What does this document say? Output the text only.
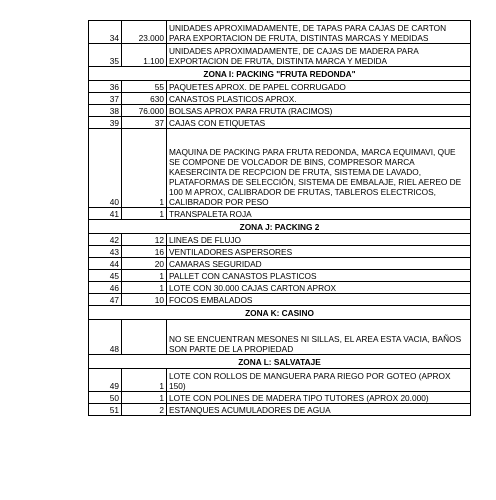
34	23.000	UNIDADES APROXIMADAMENTE, DE TAPAS PARA CAJAS DE CARTON PARA EXPORTACION DE FRUTA, DISTINTAS MARCAS Y MEDIDAS
35	1.100	UNIDADES APROXIMADAMENTE, DE CAJAS DE MADERA PARA EXPORTACION DE FRUTA, DISTINTA MARCA Y MEDIDA
ZONA I: PACKING "FRUTA REDONDA"		
36	55	PAQUETES APROX. DE PAPEL CORRUGADO
37	630	CANASTOS PLASTICOS APROX.
38	76.000	BOLSAS APROX PARA FRUTA (RACIMOS)
39	37	CAJAS CON ETIQUETAS
40	1	MAQUINA DE PACKING PARA FRUTA REDONDA, MARCA EQUIMAVI, QUE SE COMPONE DE VOLCADOR DE BINS, COMPRESOR MARCA KAESERCINTA DE RECPCION DE FRUTA, SISTEMA DE LAVADO, PLATAFORMAS DE SELECCIÓN, SISTEMA DE EMBALAJE, RIEL AEREO DE 100 M APROX, CALIBRADOR DE FRUTAS, TABLEROS ELECTRICOS, CALIBRADOR POR PESO
41	1	TRANSPALETA ROJA
ZONA J: PACKING 2		
42	12	LINEAS DE FLUJO
43	16	VENTILADORES ASPERSORES
44	20	CAMARAS SEGURIDAD
45	1	PALLET CON CANASTOS PLASTICOS
46	1	LOTE CON 30.000 CAJAS CARTON APROX
47	10	FOCOS EMBALADOS
ZONA K: CASINO		
48		NO SE ENCUENTRAN MESONES NI SILLAS, EL AREA ESTA VACIA, BAÑOS SON PARTE DE LA PROPIEDAD
ZONA L: SALVATAJE		
49	1	LOTE CON ROLLOS DE MANGUERA PARA RIEGO POR GOTEO (APROX 150)
50	1	LOTE CON POLINES DE MADERA TIPO TUTORES (APROX 20.000)
51	2	ESTANQUES ACUMULADORES DE AGUA
